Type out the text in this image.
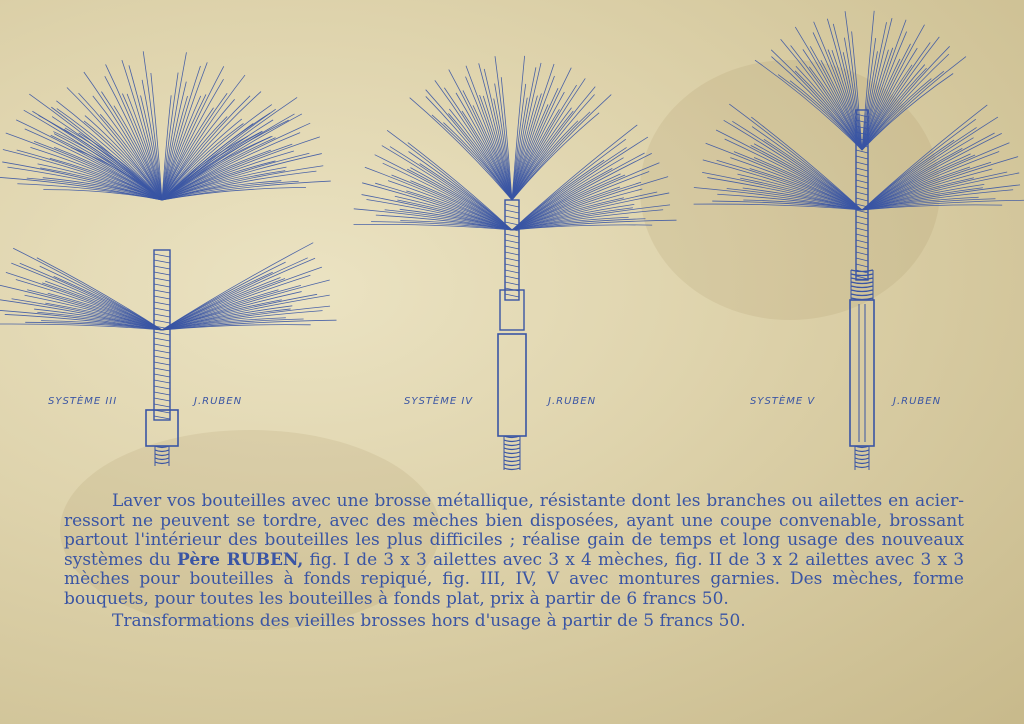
SYSTÈME III	J.RUBEN	SYSTÈME IV	J.RUBEN	SYSTÈME V	J.RUBEN

Laver vos bouteilles avec une brosse métallique, résistante dont les branches ou ailettes en acier-ressort ne peuvent se tordre, avec des mèches bien disposées, ayant une coupe convenable, brossant partout l'intérieur des bouteilles les plus difficiles ; réalise gain de temps et long usage des nouveaux systèmes du Père RUBEN, fig. I de 3 x 3 ailettes avec 3 x 4 mèches, fig. II de 3 x 2 ailettes avec 3 x 3 mèches pour bouteilles à fonds repiqué, fig. III, IV, V avec montures garnies. Des mèches, forme bouquets, pour toutes les bouteilles à fonds plat, prix à partir de 6 francs 50.

Transformations des vieilles brosses hors d'usage à partir de 5 francs 50.
